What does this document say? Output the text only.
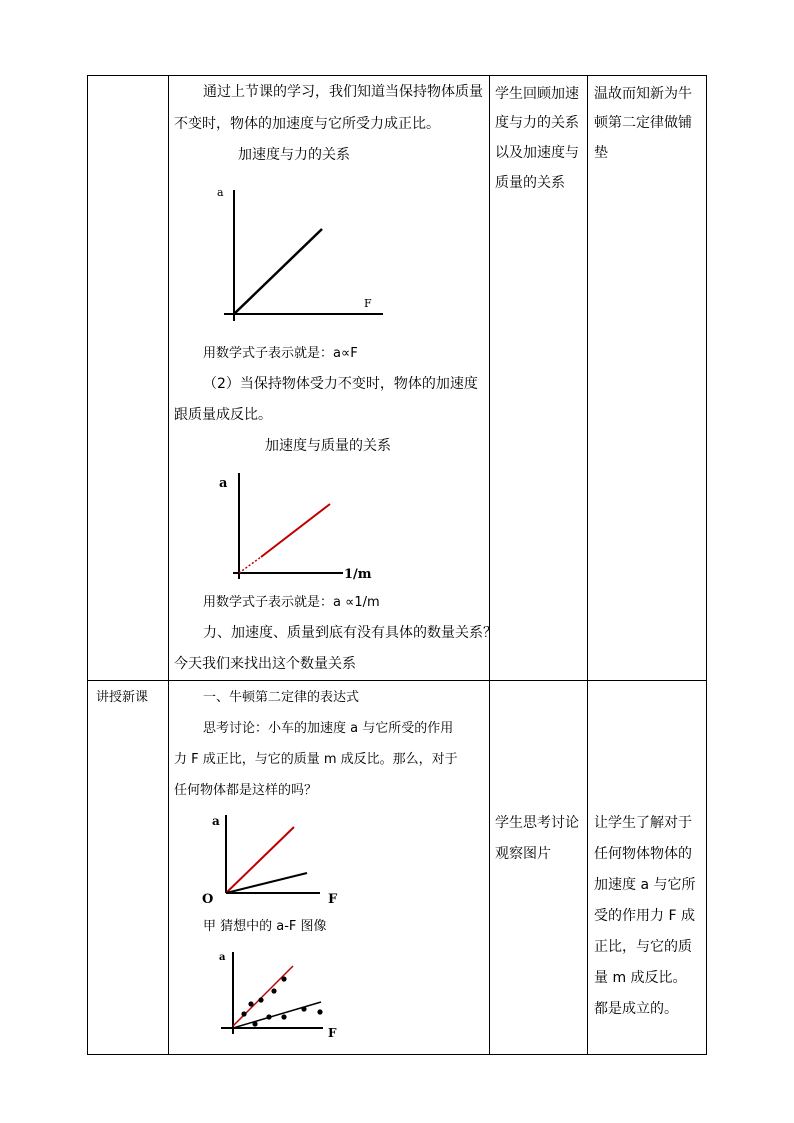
通过上节课的学习，我们知道当保持物体质量
不变时，物体的加速度与它所受力成正比。
加速度与力的关系
a
F
用数学式子表示就是：a∝F
（2）当保持物体受力不变时，物体的加速度
跟质量成反比。
加速度与质量的关系
a
1/m
用数学式子表示就是：a ∝1/m
力、加速度、质量到底有没有具体的数量关系？
今天我们来找出这个数量关系
学生回顾加速
度与力的关系
以及加速度与
质量的关系
温故而知新为牛
顿第二定律做铺
垫
讲授新课	一、牛顿第二定律的表达式
思考讨论：小车的加速度 a 与它所受的作用
力 F 成正比，与它的质量 m 成反比。那么，对于
任何物体都是这样的吗？
a
F
O
甲 猜想中的 a-F 图像
a
F
学生思考讨论
观察图片
让学生了解对于
任何物体物体的
加速度 a 与它所
受的作用力 F 成
正比，与它的质
量 m 成反比。
都是成立的。
